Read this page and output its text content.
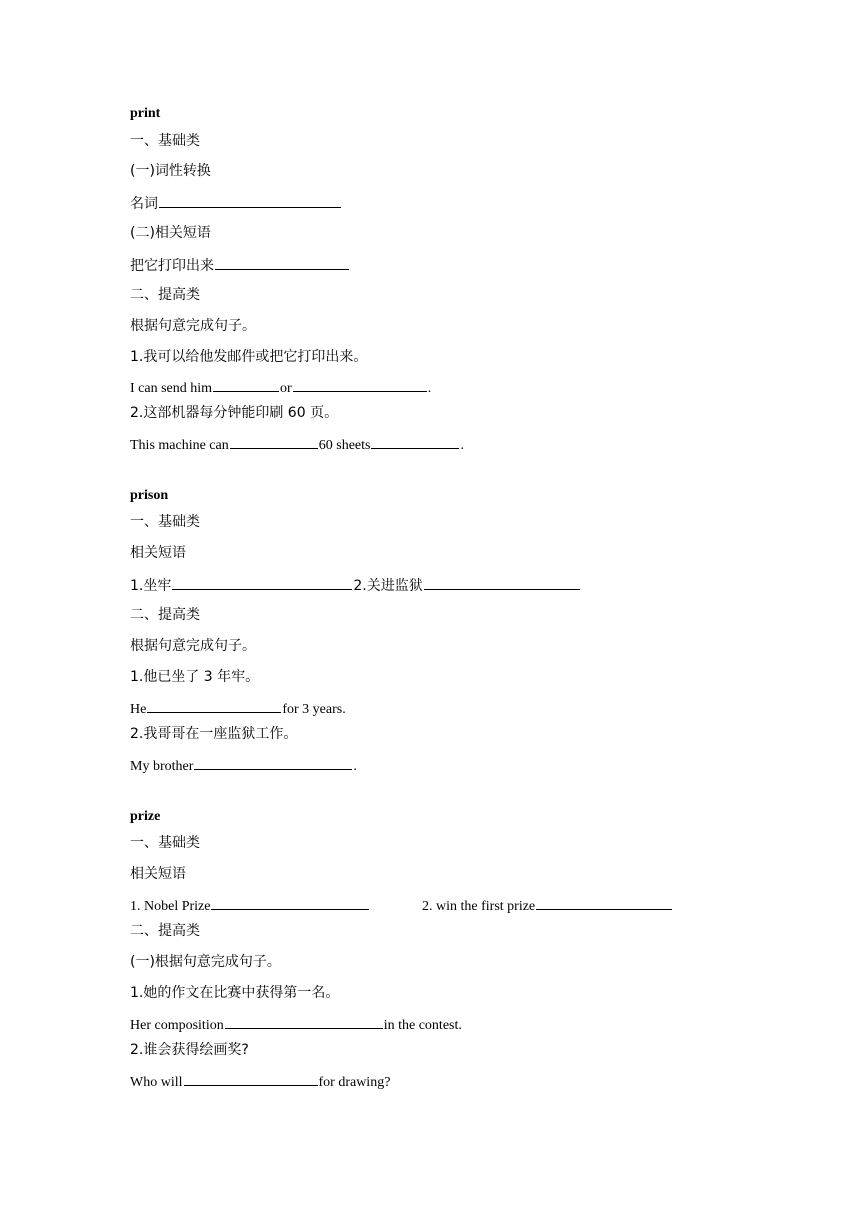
print
一、基础类
(一)词性转换
名词
(二)相关短语
把它打印出来
二、提高类
根据句意完成句子。
1.我可以给他发邮件或把它打印出来。
I can send him	or	.
2.这部机器每分钟能印刷 60 页。
This machine can	60 sheets	.
prison
一、基础类
相关短语
1.坐牢	2.关进监狱
二、提高类
根据句意完成句子。
1.他已坐了 3 年牢。
He	for 3 years.
2.我哥哥在一座监狱工作。
My brother	.
prize
一、基础类
相关短语
1. Nobel Prize	2. win the first prize
二、提高类
(一)根据句意完成句子。
1.她的作文在比赛中获得第一名。
Her composition	in the contest.
2.谁会获得绘画奖?
Who will	for drawing?
